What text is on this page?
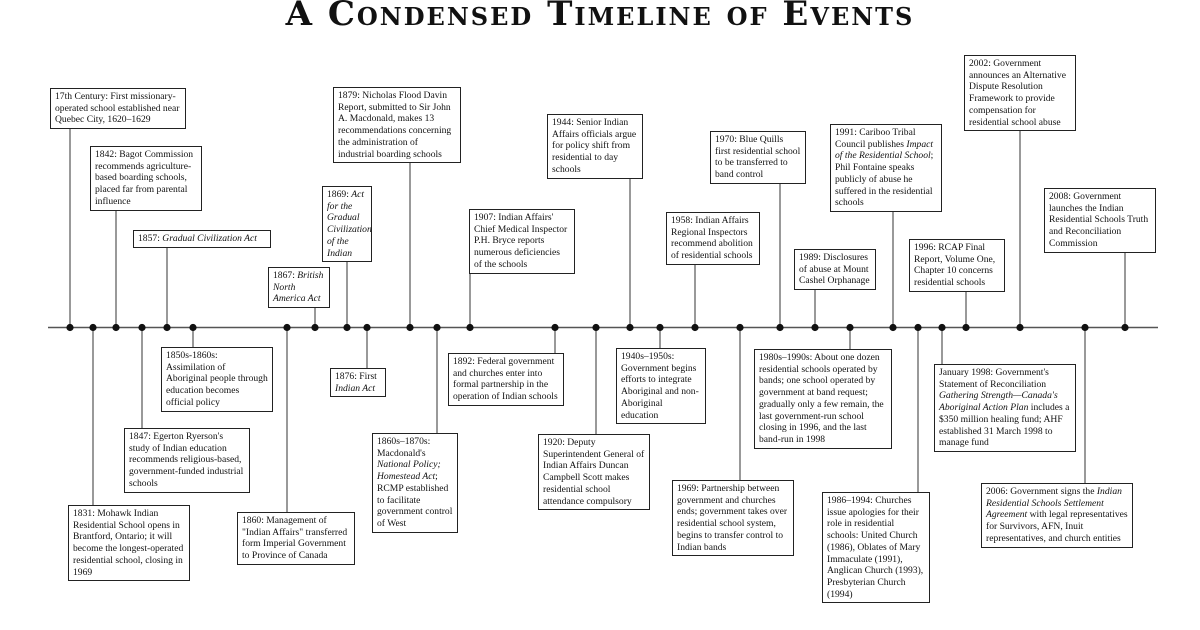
A Condensed Timeline of Events
17th Century: First missionary-operated school established near Quebec City, 1620–1629
1842: Bagot Commission recommends agriculture-based boarding schools, placed far from parental influence
1857: Gradual Civilization Act
1850s-1860s: Assimilation of Aboriginal people through education becomes official policy
1847: Egerton Ryerson's study of Indian education recommends religious-based, government-funded industrial schools
1831: Mohawk Indian Residential School opens in Brantford, Ontario; it will become the longest-operated residential school, closing in 1969
1867: British North America Act
1860: Management of "Indian Affairs" transferred form Imperial Government to Province of Canada
1869: Act for the Gradual Civilization of the Indian
1879: Nicholas Flood Davin Report, submitted to Sir John A. Macdonald, makes 13 recommendations concerning the administration of industrial boarding schools
1876: First Indian Act
1860s–1870s: Macdonald's National Policy; Homestead Act; RCMP established to facilitate government control of West
1907: Indian Affairs' Chief Medical Inspector P.H. Bryce reports numerous deficiencies of the schools
1892: Federal government and churches enter into formal partnership in the operation of Indian schools
1944: Senior Indian Affairs officials argue for policy shift from residential to day schools
1920: Deputy Superintendent General of Indian Affairs Duncan Campbell Scott makes residential school attendance compulsory
1940s–1950s: Government begins efforts to integrate Aboriginal and non-Aboriginal education
1958: Indian Affairs Regional Inspectors recommend abolition of residential schools
1969: Partnership between government and churches ends; government takes over residential school system, begins to transfer control to Indian bands
1970: Blue Quills first residential school to be transferred to band control
1989: Disclosures of abuse at Mount Cashel Orphanage
1980s–1990s: About one dozen residential schools operated by bands; one school operated by government at band request; gradually only a few remain, the last government-run school closing in 1996, and the last band-run in 1998
1991: Cariboo Tribal Council publishes Impact of the Residential School; Phil Fontaine speaks publicly of abuse he suffered in the residential schools
1986–1994: Churches issue apologies for their role in residential schools: United Church (1986), Oblates of Mary Immaculate (1991), Anglican Church (1993), Presbyterian Church (1994)
1996: RCAP Final Report, Volume One, Chapter 10 concerns residential schools
January 1998: Government's Statement of Reconciliation Gathering Strength—Canada's Aboriginal Action Plan includes a $350 million healing fund; AHF established 31 March 1998 to manage fund
2002: Government announces an Alternative Dispute Resolution Framework to provide compensation for residential school abuse
2008: Government launches the Indian Residential Schools Truth and Reconciliation Commission
2006: Government signs the Indian Residential Schools Settlement Agreement with legal representatives for Survivors, AFN, Inuit representatives, and church entities
